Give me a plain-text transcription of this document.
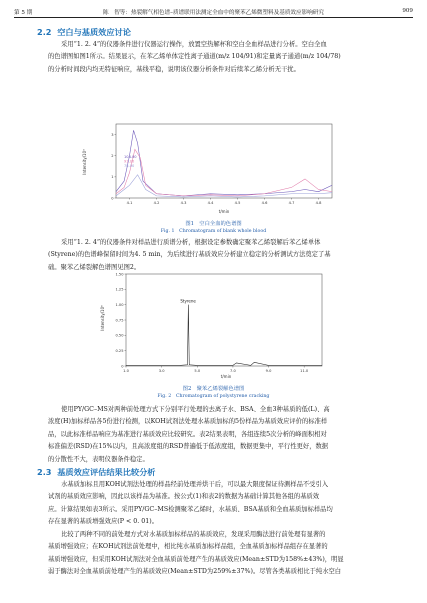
第 5 期	陈　智等：热裂解气相色谱–质谱联用法测定全血中的聚苯乙烯微塑料及基质效应影响研究	909
2.2 空白与基质效应讨论
采用“1. 2. 4”的仪器条件进行仪器运行操作，放置空热解杯和空白全血样品进行分析。空白全血
的色谱图如图1所示。结果显示，在苯乙烯单体定性离子通道(m/z 104/91)和定量离子通道(m/z 104/78)
的分析时间段内均无特征响应，基线平稳，说明该仪器分析条件对后续苯乙烯分析无干扰。
Intensity/10³
0
1
2
3
4.1	4.2	4.3	4.4	4.5	4.6	4.7	4.8
104.00
91.00
78.00
t/min
图1　空白全血的色谱图
Fig. 1　Chromatogram of blank whole blood
采用“1. 2. 4”的仪器条件对样品进行质谱分析，根据设定参数确定聚苯乙烯裂解后苯乙烯单体
(Styrene)的色谱峰保留时间为4. 5 min，为后续进行基质效应分析建立稳定的分析测试方法奠定了基
础。聚苯乙烯裂解色谱图见图2。
Intensity/10⁶
0
0.25
0.50
0.75
1.00
1.25
1.50
1.0	3.0	5.0	7.0	9.0	11.0
Styrene
t/min
图2　聚苯乙烯裂解色谱图
Fig. 2　Chromatogram of polystyrene cracking
使用PY/GC–MS对两种前处理方式下分别平行处理的去离子水、BSA、全血3种基质的低(L)、高
浓度(H)加标样品各5份进行检测，以KOH试剂法处理水基质加标的5份样品为基质效应评价的标准样
品，以此标准样品响应为基准进行基质效应比较研究。表2结果表明，各组连续5次分析的峰面积相对
标准偏差(RSD)在15%以内，且高浓度组的RSD普遍低于低浓度组，数据更集中，平行性更好，数据
的分散性不大，表明仪器条件稳定。
2.3 基质效应评估结果比较分析
水基质加标且用KOH试剂法处理的样品经前处理并烘干后，可以最大限度保证待测样品不受引入
试剂的基质效应影响，因此以该样品为基准。按公式(1)和表2的数据为基础计算其他各组的基质效
应。计算结果如表3所示。采用PY/GC–MS检测聚苯乙烯时，水基质、BSA基质和全血基质加标样品均
存在显著的基质增强效应(P < 0. 01)。
比较了两种不同的前处理方式对水基质加标样品的基质效应，发现采用酶法进行前处理有显著的
基质增强效应；在KOH试剂法前处理中，相比纯水基质加标样品组，全血基质加标样品组存在显著的
基质增强效应，但采用KOH试剂法对全血基质前处理产生的基质效应(Mean±STD为158%±43%)，明显
弱于酶法对全血基质前处理产生的基质效应(Mean±STD为259%±37%)。尽管各类基质相比于纯水空白
